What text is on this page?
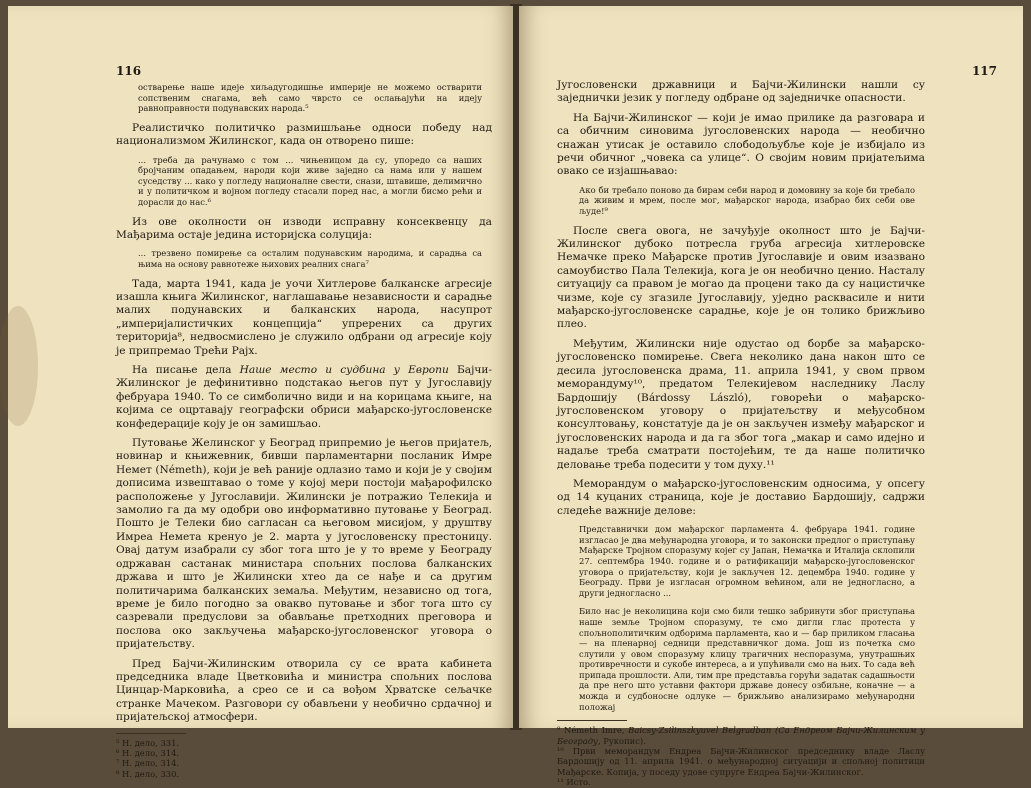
116
остварење наше идеје хиљадугодишње империје не можемо остварити сопственим снагама, већ само чврсто се ослањајући на идеју равноправности подунавских народа.⁵

Реалистичко политичко размишљање односи победу над национализмом Жилинског, када он отворено пише:

... треба да рачунамо с том ... чињеницом да су, упоредо са наших бројчаним опадањем, народи који живе заједно са нама или у нашем суседству ... како у погледу националне свести, снази, штавише, делимично и у политичком и војном погледу стасали поред нас, а могли бисмо рећи и дорасли до нас.⁶

Из ове околности он изводи исправну консеквенцу да Мађарима остаје једина историјска солуција:

... трезвено помирење са осталим подунавским народима, и сарадња са њима на основу равнотеже њихових реалних снага⁷

Тада, марта 1941, када је уочи Хитлерове балканске агресије изашла књига Жилинског, наглашавање независности и сарадње малих подунавских и балканских народа, насупрот „империјалистичких концепција“ упререних са других територија⁸, недвосмислено је служило одбрани од агресије коју је припремао Трећи Рајх.

На писање дела Наше место и судбина у Европи Бајчи-Жилинског је дефинитивно подстакао његов пут у Југославију фебруара 1940. То се симболично види и на корицама књиге, на којима се оцртавају географски обриси мађарско-југословенске конфедерације коју је он замишљао.

Путовање Желинског у Београд припремио је његов пријатељ, новинар и књижевник, бивши парламентарни посланик Имре Немет (Németh), који је већ раније одлазио тамо и који је у својим дописима извештавао о томе у којој мери постоји мађарофилско расположење у Југославији. Жилински је потражио Телекија и замолио га да му одобри ово информативно путовање у Београд. Пошто је Телеки био сагласан са његовом мисијом, у друштву Имреа Немета кренуо је 2. марта у југословенску престоницу. Овај датум изабрали су због тога што је у то време у Београду одржаван састанак министара спољних послова балканских држава и што је Жилински хтео да се нађе и са другим политичарима балканских земаља. Међутим, независно од тога, време је било погодно за овакво путовање и због тога што су сазревали предуслови за обављање претходних преговора и послова око закључења мађарско-југословенског уговора о пријатељству.

Пред Бајчи-Жилинским отворила су се врата кабинета председника владе Цветковића и министра спољних послова Цинцар-Марковића, а срео се и са вођом Хрватске сељачке странке Мачеком. Разговори су обављени у необично срдачној и пријатељској атмосфери.

⁵ Н. дело, 331.
⁶ Н. дело, 314.
⁷ Н. дело, 314.
⁸ Н. дело, 330.
117

Југословенски државници и Бајчи-Жилински нашли су заједнички језик у погледу одбране од заједничке опасности.

На Бајчи-Жилинског — који је имао прилике да разговара и са обичним синовима југословенских народа — необично снажан утисак је оставило слободољубље које је избијало из речи обичног „човека са улице“. О својим новим пријатељима овако се изјашњавао:

Ако би требало поново да бирам себи народ и домовину за које би требало да живим и мрем, после мог, мађарског народа, изабрао бих себи ове људе!⁹

После свега овога, не зачуђује околност што је Бајчи-Жилинског дубоко потресла груба агресија хитлеровске Немачке преко Мађарске против Југославије и овим изазвано самоубиство Пала Телекија, кога је он необично ценио. Насталу ситуацију са правом је могао да процени тако да су нацистичке чизме, које су згазиле Југославију, уједно расквасиле и нити мађарско-југословенске сарадње, које је он толико брижљиво плео.

Међутим, Жилински није одустао од борбе за мађарско-југословенско помирење. Свега неколико дана након што се десила југословенска драма, 11. априла 1941, у свом првом меморандуму¹⁰, предатом Телекијевом наследнику Ласлу Бардошију (Bárdossy László), говорећи о мађарско-југословенском уговору о пријатељству и међусобном консултовању, констатује да је он закључен између мађарског и југословенских народа и да га због тога „макар и само идејно и надаље треба сматрати постојећим, те да наше политичко деловање треба подесити у том духу.¹¹

Меморандум о мађарско-југословенским односима, у опсегу од 14 куцаних страница, које је доставио Бардошију, садржи следеће важније делове:

Представнички дом мађарског парламента 4. фебруара 1941. године изгласао је два међународна уговора, и то законски предлог о приступању Мађарске Тројном споразуму којег су Јапан, Немачка и Италија склопили 27. септембра 1940. године и о ратификацији мађарско-југословенског уговора о пријатељству, који је закључен 12. децембра 1940. године у Београду. Први је изгласан огромном већином, али не једногласно, а други једногласно ...
Било нас је неколицина који смо били тешко забринути због приступања наше земље Тројном споразуму, те смо дигли глас протеста у спољнополитичким одборима парламента, као и — бар приликом гласања — на пленарној седници представничког дома. Још из почетка смо слутили у овом споразуму клицу трагичних неспоразума, унутрашњих противречности и сукобе интереса, а и упућивали смо на њих. То сада већ припада прошлости. Али, тим пре представља горући задатак садашњости да пре него што уставни фактори државе донесу озбиљне, коначне — а можда и судбоносне одлуке — брижљиво анализирамо међународни положај
⁹ Németh Imre, Baicsy-Zsilinszkyuvel Belgradban (Са Ендреом Бајчи-Жилинским у Београду, Рукопис).
¹⁰ Први меморандум Ендреа Бајчи-Жилинског председнику владе Ласлу Бардошију од 11. априла 1941. о међународној ситуацији и спољној политици Мађарске. Копија, у поседу удове супруге Ендреа Бајчи-Жилинског.
¹¹ Исто.
